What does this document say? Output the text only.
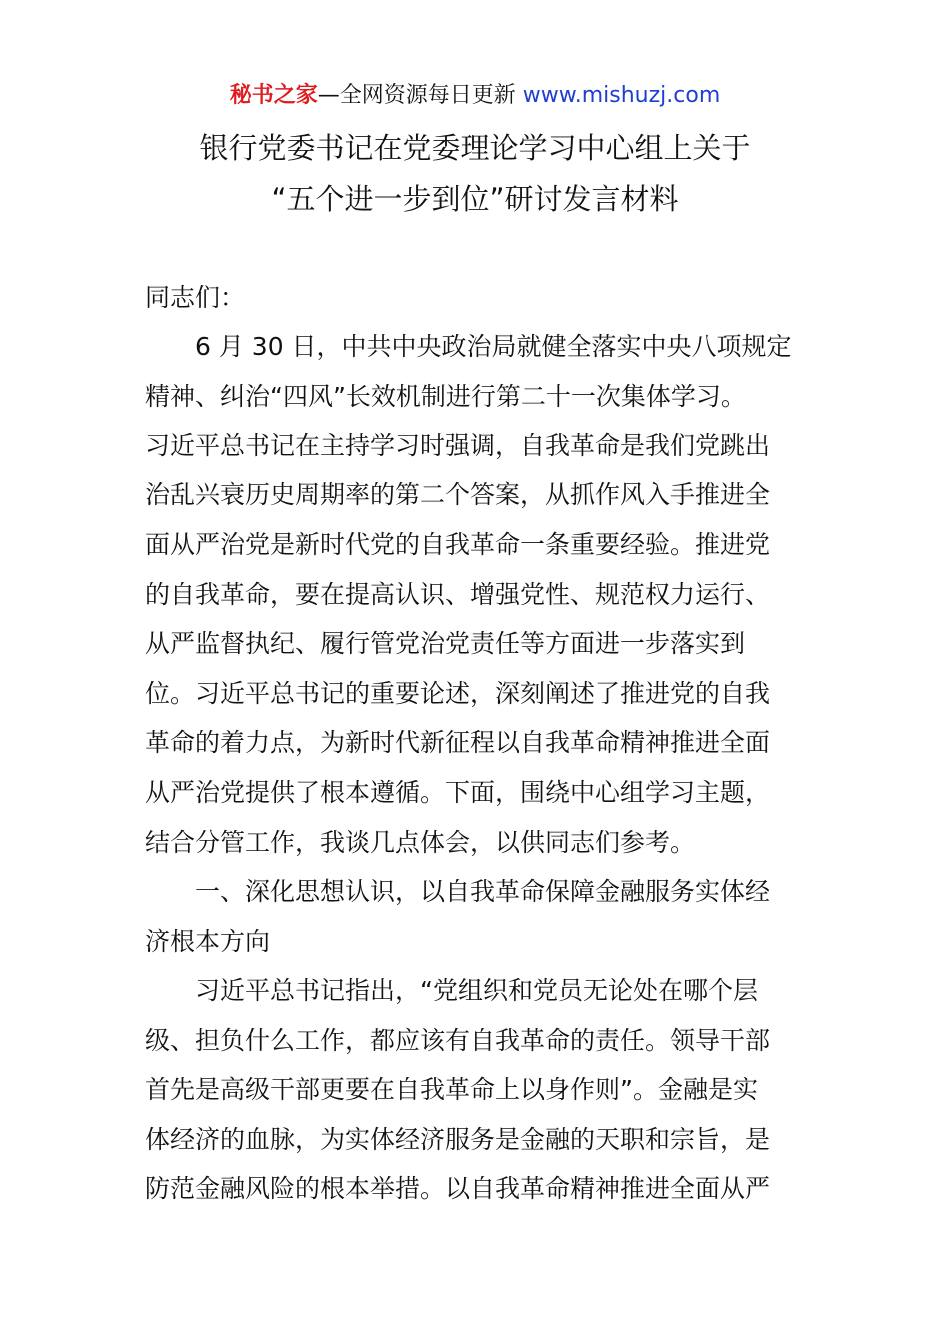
秘书之家—全网资源每日更新 www.mishuzj.com
银行党委书记在党委理论学习中心组上关于
“五个进一步到位”研讨发言材料
同志们：
6 月 30 日，中共中央政治局就健全落实中央八项规定
精神、纠治“四风”长效机制进行第二十一次集体学习。
习近平总书记在主持学习时强调，自我革命是我们党跳出
治乱兴衰历史周期率的第二个答案，从抓作风入手推进全
面从严治党是新时代党的自我革命一条重要经验。推进党
的自我革命，要在提高认识、增强党性、规范权力运行、
从严监督执纪、履行管党治党责任等方面进一步落实到
位。习近平总书记的重要论述，深刻阐述了推进党的自我
革命的着力点，为新时代新征程以自我革命精神推进全面
从严治党提供了根本遵循。下面，围绕中心组学习主题，
结合分管工作，我谈几点体会，以供同志们参考。
一、深化思想认识，以自我革命保障金融服务实体经
济根本方向
习近平总书记指出，“党组织和党员无论处在哪个层
级、担负什么工作，都应该有自我革命的责任。领导干部
首先是高级干部更要在自我革命上以身作则”。金融是实
体经济的血脉，为实体经济服务是金融的天职和宗旨，是
防范金融风险的根本举措。以自我革命精神推进全面从严
